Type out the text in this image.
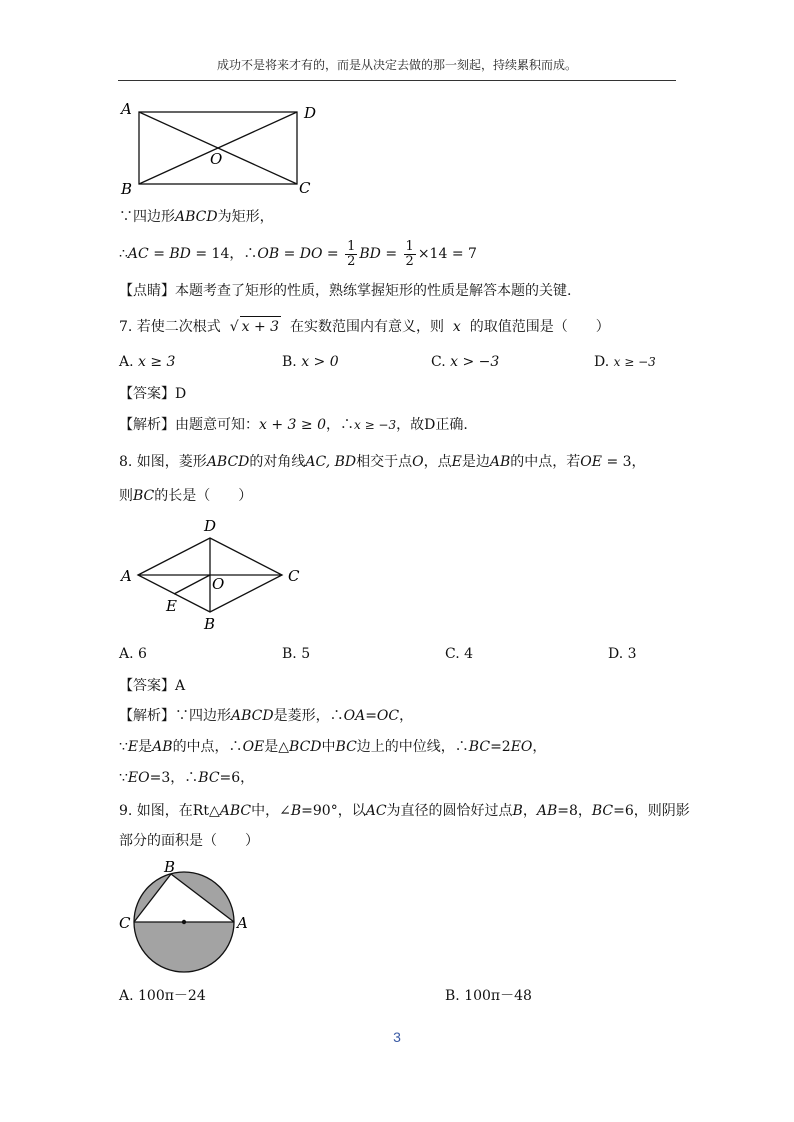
成功不是将来才有的，而是从决定去做的那一刻起，持续累积而成。
A	D
O
B	C
∵四边形ABCD为矩形，
∴AC = BD = 14，∴OB = DO = $\frac{1}{2}$ BD = $\frac{1}{2} \times 14 = 7$
【点睛】本题考查了矩形的性质，熟练掌握矩形的性质是解答本题的关键.
7. 若使二次根式  √ x + 3 在实数范围内有意义，则 x 的取值范围是（　　）
A. x ≥ 3	B. x > 0	C. x > −3	D. x ≥ −3
【答案】D
【解析】由题意可知：x + 3 ≥ 0，∴x ≥ −3，故D正确.
8. 如图，菱形ABCD的对角线AC, BD相交于点O，点E是边AB的中点，若OE = 3，
则BC的长是（　　）
D
A	C
O
E
B
A. 6	B. 5	C. 4	D. 3
【答案】A
【解析】∵四边形ABCD是菱形，∴OA=OC，
∵E是AB的中点，∴OE是△BCD中BC边上的中位线，∴BC=2EO，
∵EO=3，∴BC=6，
9. 如图，在Rt△ABC中，∠B=90°，以AC为直径的圆恰好过点B，AB=8，BC=6，则阴影
部分的面积是（　　）
B
C	A
A. 100π－24	B. 100π－48
3
